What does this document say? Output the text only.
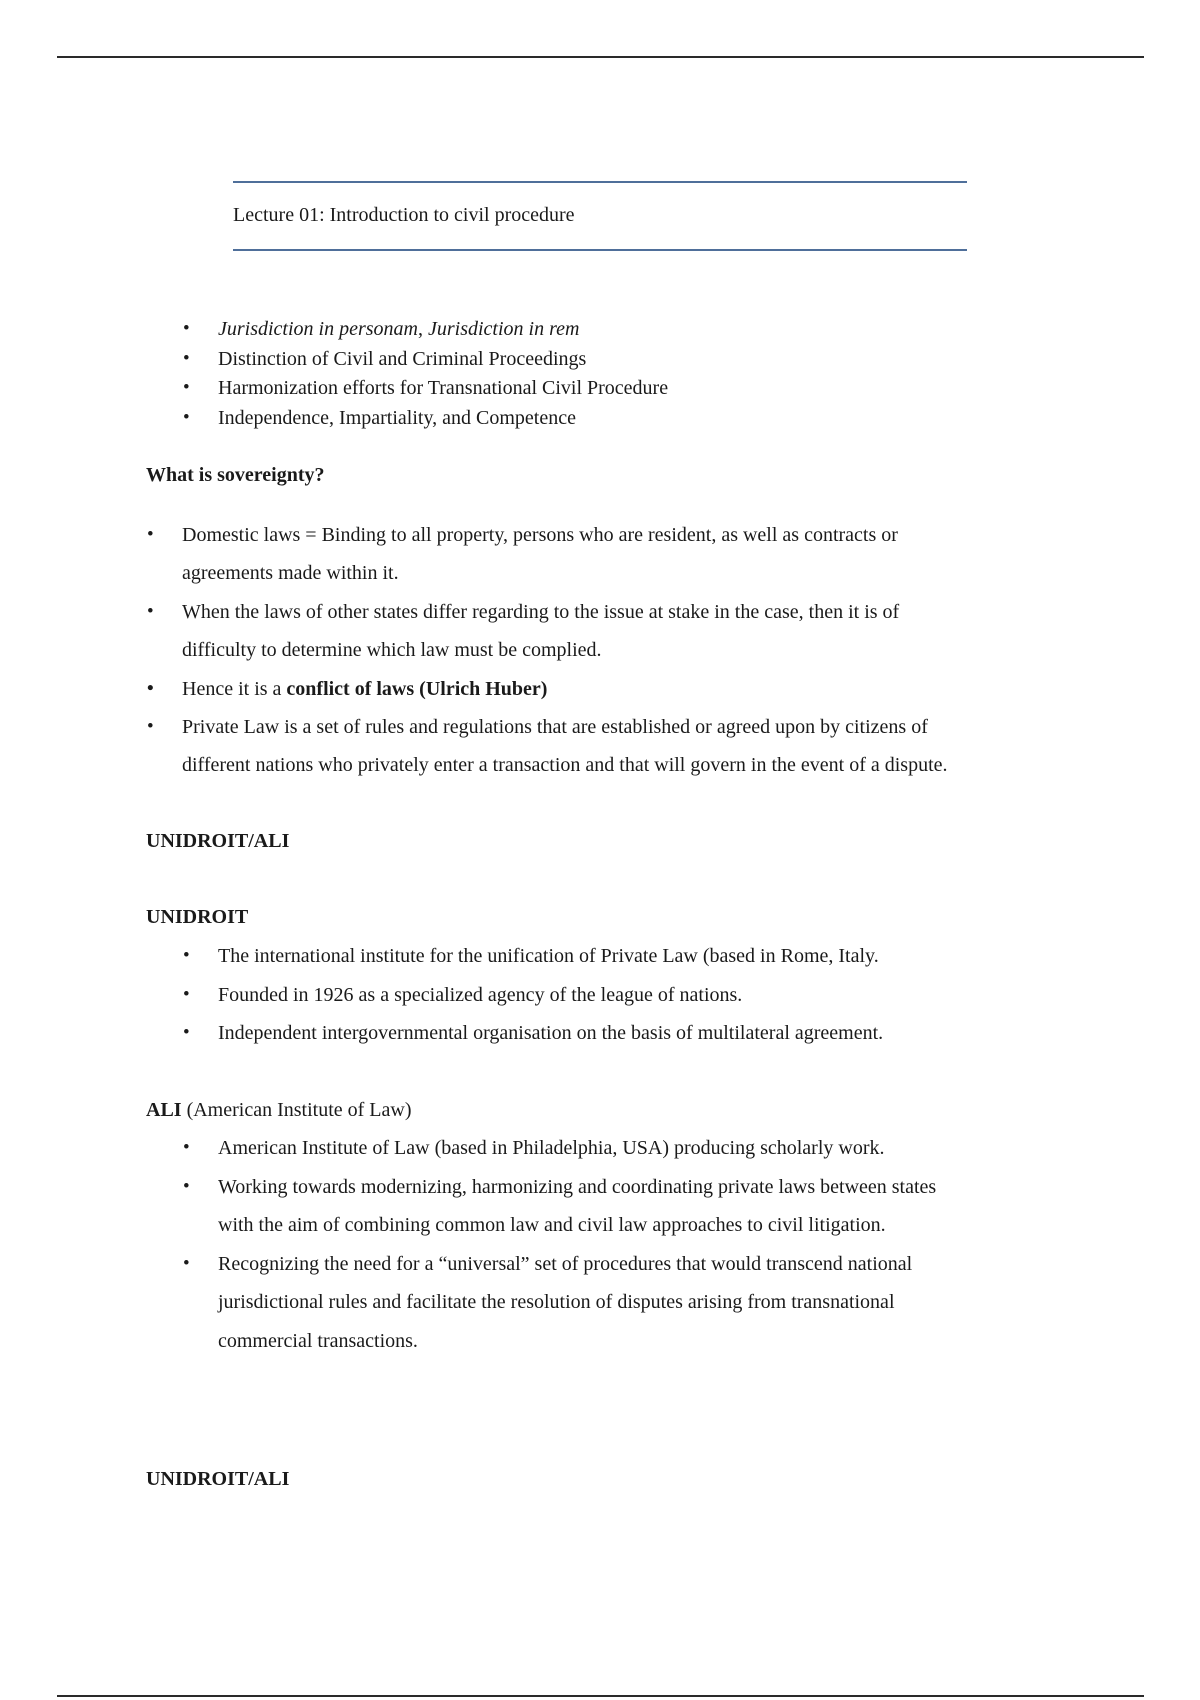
Lecture 01: Introduction to civil procedure
• Jurisdiction in personam, Jurisdiction in rem
• Distinction of Civil and Criminal Proceedings
• Harmonization efforts for Transnational Civil Procedure
• Independence, Impartiality, and Competence
What is sovereignty?
• Domestic laws = Binding to all property, persons who are resident, as well as contracts or
agreements made within it.
• When the laws of other states differ regarding to the issue at stake in the case, then it is of
difficulty to determine which law must be complied.
• Hence it is a conflict of laws (Ulrich Huber)
• Private Law is a set of rules and regulations that are established or agreed upon by citizens of
different nations who privately enter a transaction and that will govern in the event of a dispute.
UNIDROIT/ALI
UNIDROIT
• The international institute for the unification of Private Law (based in Rome, Italy.
• Founded in 1926 as a specialized agency of the league of nations.
• Independent intergovernmental organisation on the basis of multilateral agreement.
ALI (American Institute of Law)
• American Institute of Law (based in Philadelphia, USA) producing scholarly work.
• Working towards modernizing, harmonizing and coordinating private laws between states
with the aim of combining common law and civil law approaches to civil litigation.
• Recognizing the need for a “universal” set of procedures that would transcend national
jurisdictional rules and facilitate the resolution of disputes arising from transnational
commercial transactions.
UNIDROIT/ALI
